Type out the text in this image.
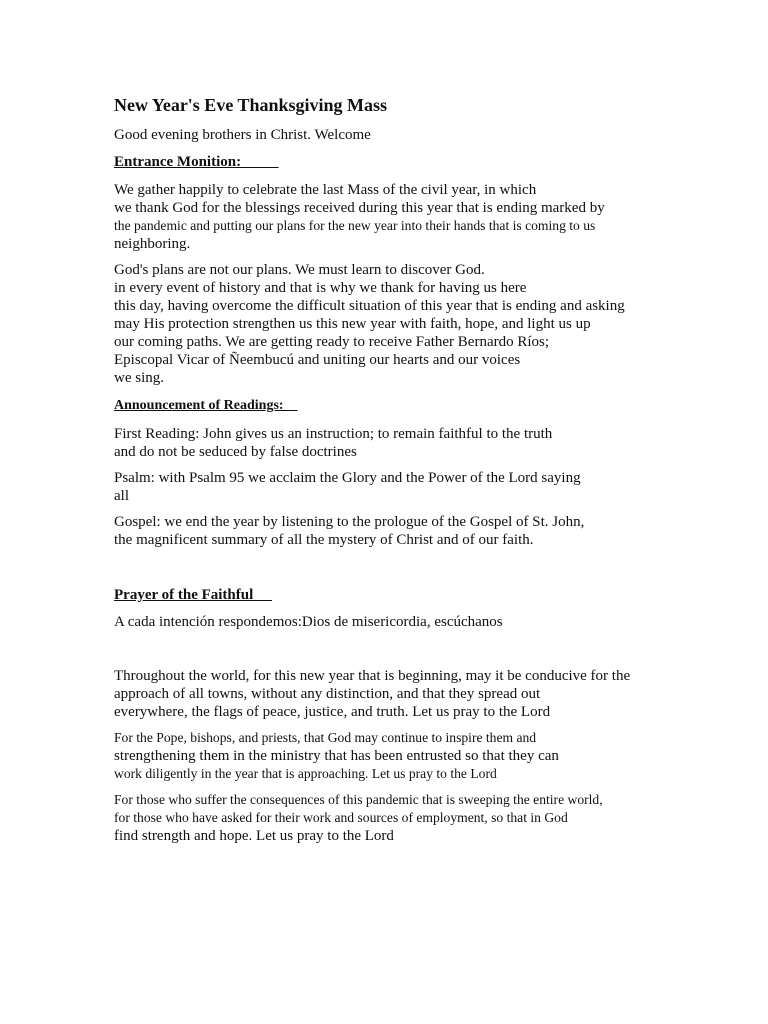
New Year's Eve Thanksgiving Mass
Good evening brothers in Christ. Welcome
Entrance Monition:
We gather happily to celebrate the last Mass of the civil year, in which
we thank God for the blessings received during this year that is ending marked by
the pandemic and putting our plans for the new year into their hands that is coming to us
neighboring.
God's plans are not our plans. We must learn to discover God.
in every event of history and that is why we thank for having us here
this day, having overcome the difficult situation of this year that is ending and asking
may His protection strengthen us this new year with faith, hope, and light us up
our coming paths. We are getting ready to receive Father Bernardo Ríos;
Episcopal Vicar of Ñeembucú and uniting our hearts and our voices
we sing.
Announcement of Readings:
First Reading: John gives us an instruction; to remain faithful to the truth
and do not be seduced by false doctrines
Psalm: with Psalm 95 we acclaim the Glory and the Power of the Lord saying
all
Gospel: we end the year by listening to the prologue of the Gospel of St. John,
the magnificent summary of all the mystery of Christ and of our faith.
Prayer of the Faithful
A cada intención respondemos:Dios de misericordia, escúchanos
Throughout the world, for this new year that is beginning, may it be conducive for the
approach of all towns, without any distinction, and that they spread out
everywhere, the flags of peace, justice, and truth. Let us pray to the Lord
For the Pope, bishops, and priests, that God may continue to inspire them and
strengthening them in the ministry that has been entrusted so that they can
work diligently in the year that is approaching. Let us pray to the Lord
For those who suffer the consequences of this pandemic that is sweeping the entire world,
for those who have asked for their work and sources of employment, so that in God
find strength and hope. Let us pray to the Lord
